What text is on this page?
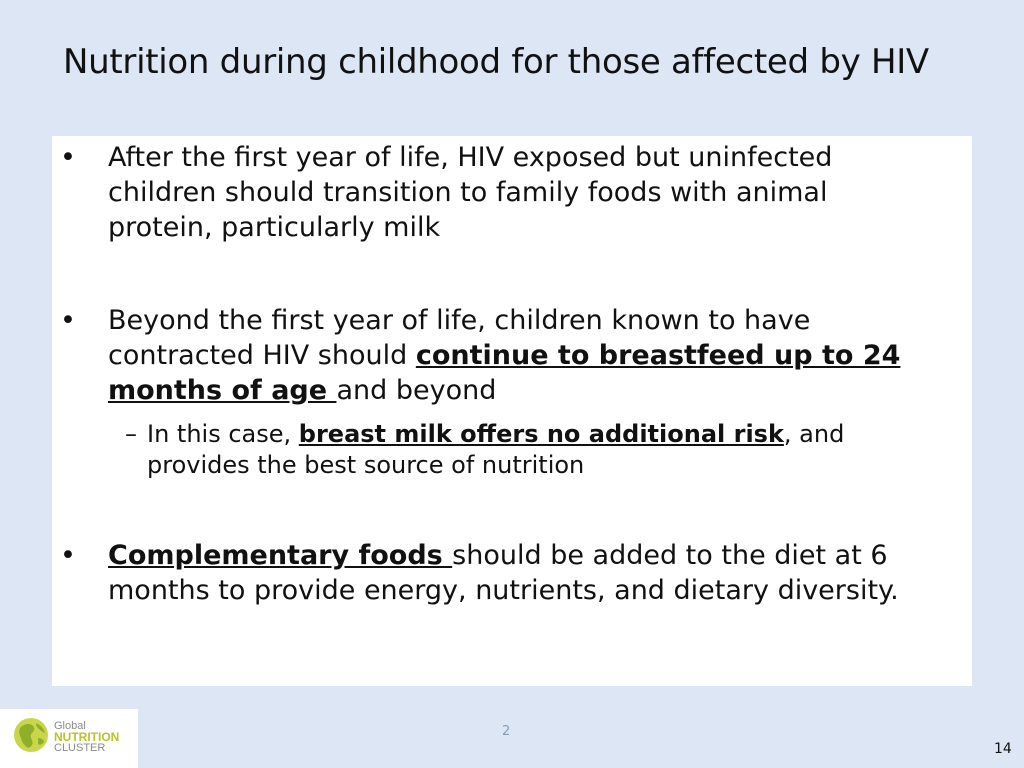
Nutrition during childhood for those affected by HIV
•	After the first year of life, HIV exposed but uninfected children should transition to family foods with animal protein, particularly milk
•	Beyond the first year of life, children known to have contracted HIV should continue to breastfeed up to 24 months of age and beyond
– In this case, breast milk offers no additional risk, and provides the best source of nutrition
•	Complementary foods should be added to the diet at 6 months to provide energy, nutrients, and dietary diversity.
Global
NUTRITION
CLUSTER
2
14
